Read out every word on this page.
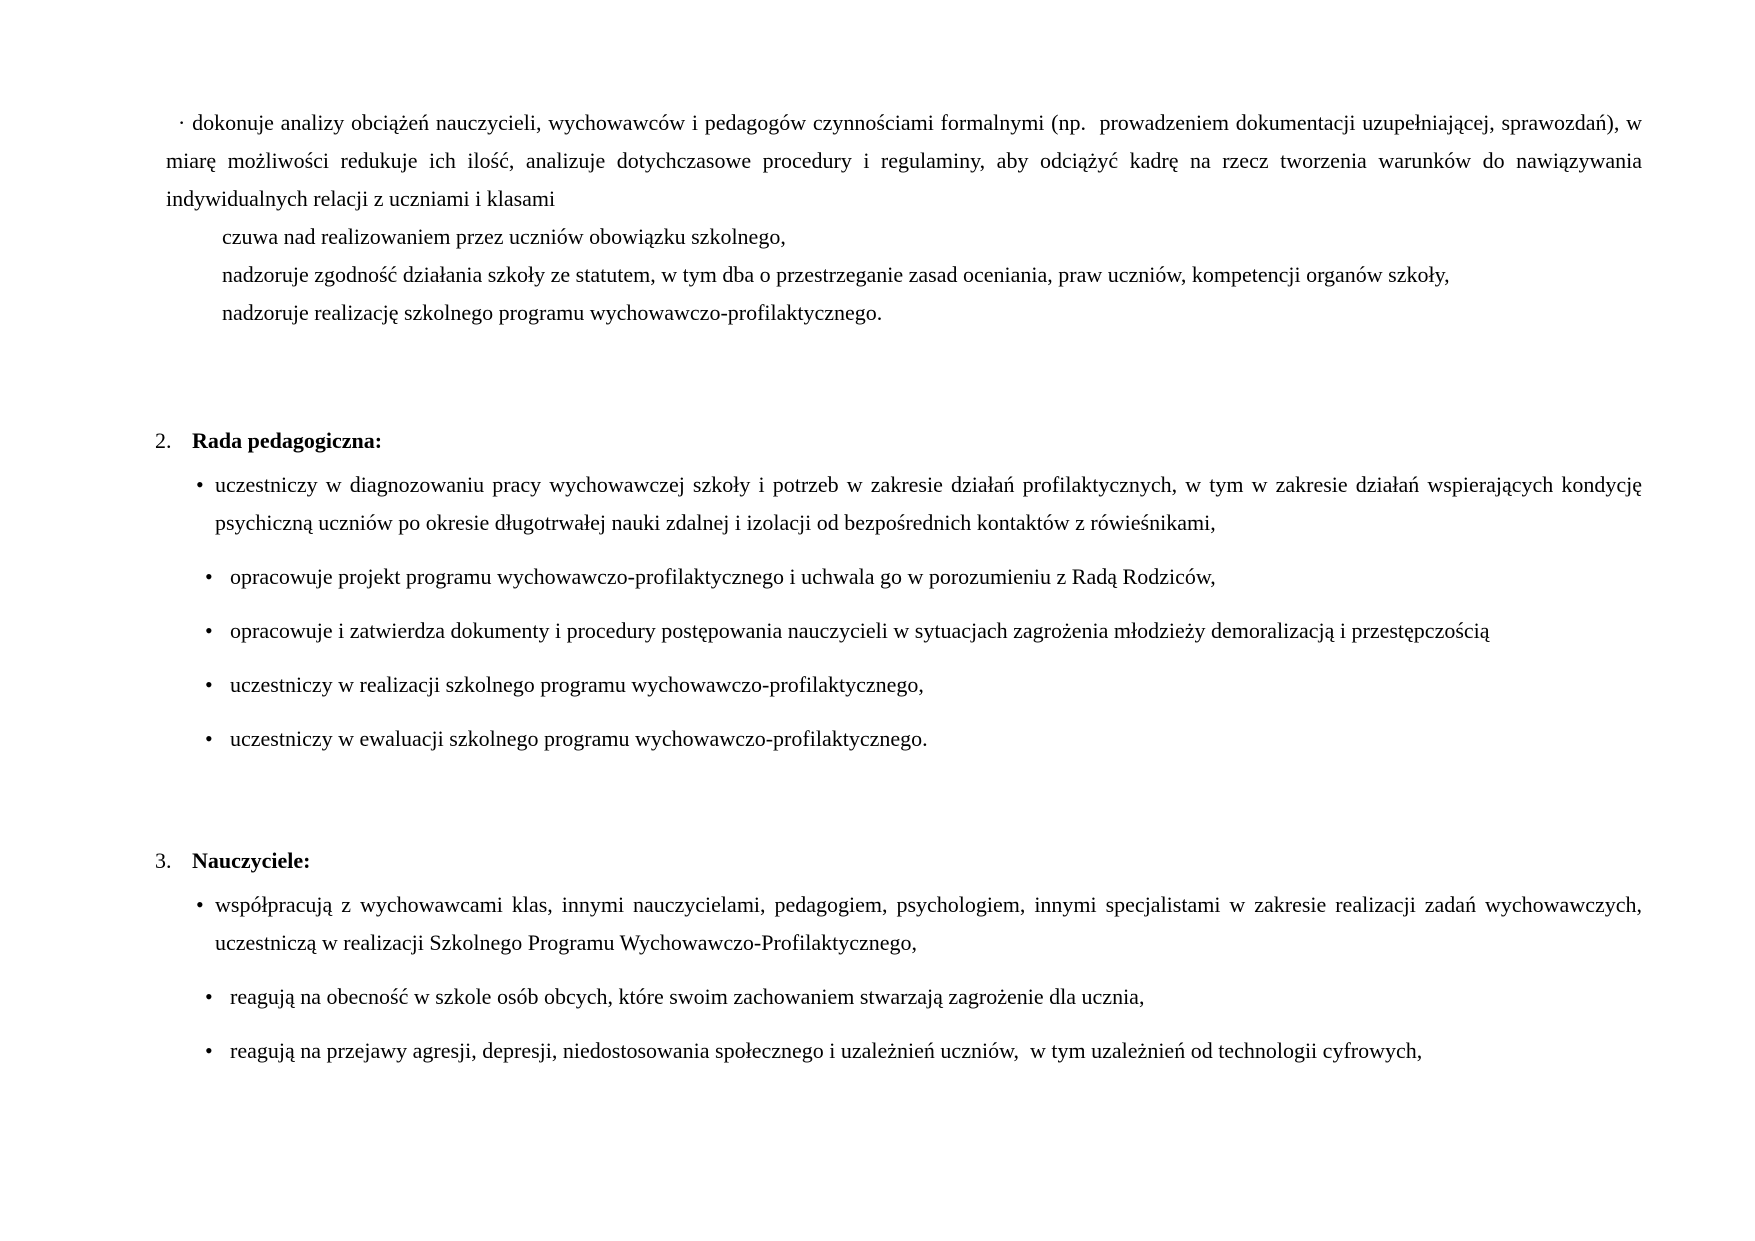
· dokonuje analizy obciążeń nauczycieli, wychowawców i pedagogów czynnościami formalnymi (np.  prowadzeniem dokumentacji uzupełniającej, sprawozdań), w miarę możliwości redukuje ich ilość, analizuje dotychczasowe procedury i regulaminy, aby odciążyć kadrę na rzecz tworzenia warunków do nawiązywania indywidualnych relacji z uczniami i klasami

czuwa nad realizowaniem przez uczniów obowiązku szkolnego,

nadzoruje zgodność działania szkoły ze statutem, w tym dba o przestrzeganie zasad oceniania, praw uczniów, kompetencji organów szkoły,

nadzoruje realizację szkolnego programu wychowawczo-profilaktycznego.

2. Rada pedagogiczna:
• uczestniczy w diagnozowaniu pracy wychowawczej szkoły i potrzeb w zakresie działań profilaktycznych, w tym w zakresie działań wspierających kondycję psychiczną uczniów po okresie długotrwałej nauki zdalnej i izolacji od bezpośrednich kontaktów z rówieśnikami,
• opracowuje projekt programu wychowawczo-profilaktycznego i uchwala go w porozumieniu z Radą Rodziców,
• opracowuje i zatwierdza dokumenty i procedury postępowania nauczycieli w sytuacjach zagrożenia młodzieży demoralizacją i przestępczością
• uczestniczy w realizacji szkolnego programu wychowawczo-profilaktycznego,
• uczestniczy w ewaluacji szkolnego programu wychowawczo-profilaktycznego.
3. Nauczyciele:
• współpracują z wychowawcami klas, innymi nauczycielami, pedagogiem, psychologiem, innymi specjalistami w zakresie realizacji zadań wychowawczych, uczestniczą w realizacji Szkolnego Programu Wychowawczo-Profilaktycznego,
• reagują na obecność w szkole osób obcych, które swoim zachowaniem stwarzają zagrożenie dla ucznia,
• reagują na przejawy agresji, depresji, niedostosowania społecznego i uzależnień uczniów,  w tym uzależnień od technologii cyfrowych,
